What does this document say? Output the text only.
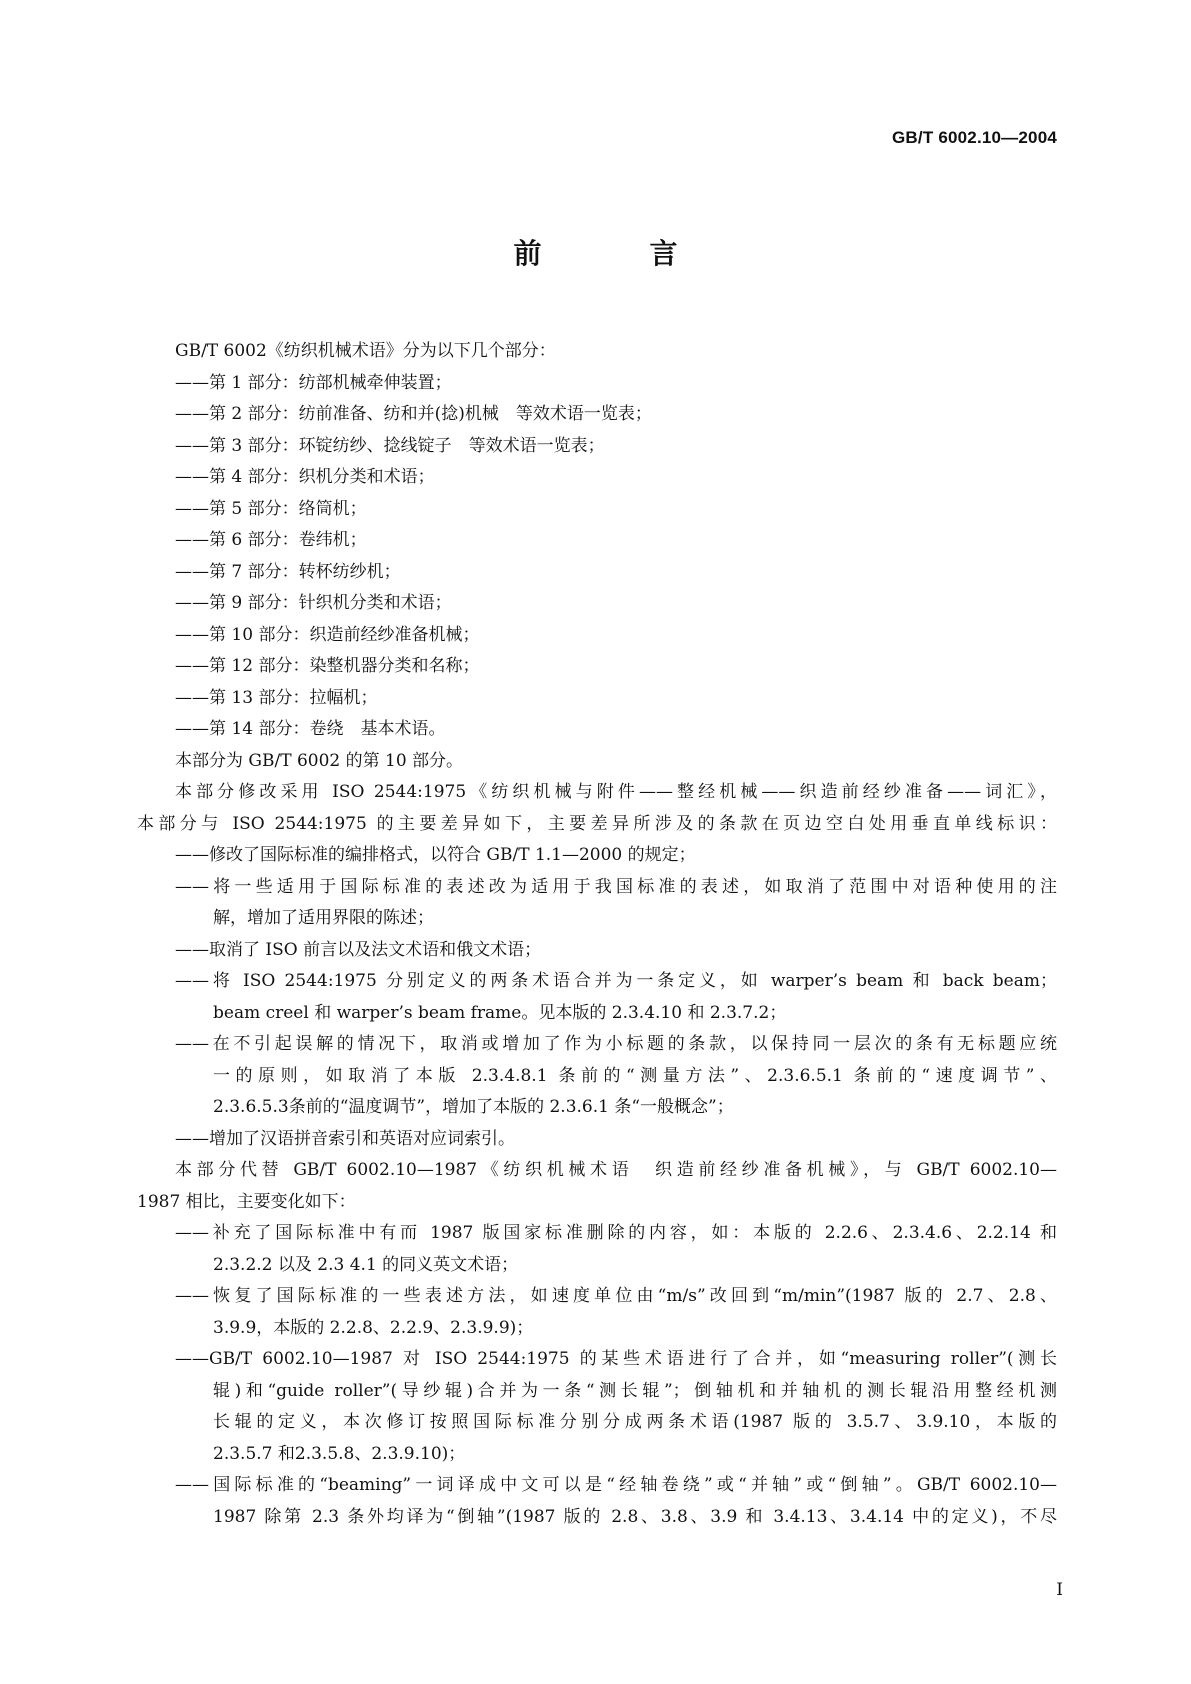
GB/T 6002.10—2004
前　言
GB/T 6002《纺织机械术语》分为以下几个部分：
——第 1 部分：纺部机械牵伸装置；
——第 2 部分：纺前准备、纺和并(捻)机械　等效术语一览表；
——第 3 部分：环锭纺纱、捻线锭子　等效术语一览表；
——第 4 部分：织机分类和术语；
——第 5 部分：络筒机；
——第 6 部分：卷纬机；
——第 7 部分：转杯纺纱机；
——第 9 部分：针织机分类和术语；
——第 10 部分：织造前经纱准备机械；
——第 12 部分：染整机器分类和名称；
——第 13 部分：拉幅机；
——第 14 部分：卷绕　基本术语。
本部分为 GB/T 6002 的第 10 部分。
本部分修改采用 ISO 2544:1975《纺织机械与附件——整经机械——织造前经纱准备——词汇》，
本部分与 ISO 2544:1975 的主要差异如下，主要差异所涉及的条款在页边空白处用垂直单线标识：
——修改了国际标准的编排格式，以符合 GB/T 1.1—2000 的规定；
——将一些适用于国际标准的表述改为适用于我国标准的表述，如取消了范围中对语种使用的注
解，增加了适用界限的陈述；
——取消了 ISO 前言以及法文术语和俄文术语；
——将 ISO 2544:1975 分别定义的两条术语合并为一条定义，如 warper’s beam 和 back beam；
beam creel 和 warper’s beam frame。见本版的 2.3.4.10 和 2.3.7.2；
——在不引起误解的情况下，取消或增加了作为小标题的条款，以保持同一层次的条有无标题应统
一的原则，如取消了本版 2.3.4.8.1 条前的“测量方法”、2.3.6.5.1 条前的“速度调节”、
2.3.6.5.3条前的“温度调节”，增加了本版的 2.3.6.1 条“一般概念”；
——增加了汉语拼音索引和英语对应词索引。
本部分代替 GB/T 6002.10—1987《纺织机械术语　织造前经纱准备机械》，与 GB/T 6002.10—
1987 相比，主要变化如下：
——补充了国际标准中有而 1987 版国家标准删除的内容，如：本版的 2.2.6、2.3.4.6、2.2.14 和
2.3.2.2 以及 2.3 4.1 的同义英文术语；
——恢复了国际标准的一些表述方法，如速度单位由“m/s”改回到“m/min”(1987 版的 2.7、2.8、
3.9.9，本版的 2.2.8、2.2.9、2.3.9.9)；
——GB/T 6002.10—1987 对 ISO 2544:1975 的某些术语进行了合并，如“measuring roller”(测长
辊)和“guide roller”(导纱辊)合并为一条“测长辊”；倒轴机和并轴机的测长辊沿用整经机测
长辊的定义，本次修订按照国际标准分别分成两条术语(1987 版的 3.5.7、3.9.10，本版的
2.3.5.7 和2.3.5.8、2.3.9.10)；
——国际标准的“beaming”一词译成中文可以是“经轴卷绕”或“并轴”或“倒轴”。GB/T 6002.10—
1987 除第 2.3 条外均译为“倒轴”(1987 版的 2.8、3.8、3.9 和 3.4.13、3.4.14 中的定义)，不尽
I
